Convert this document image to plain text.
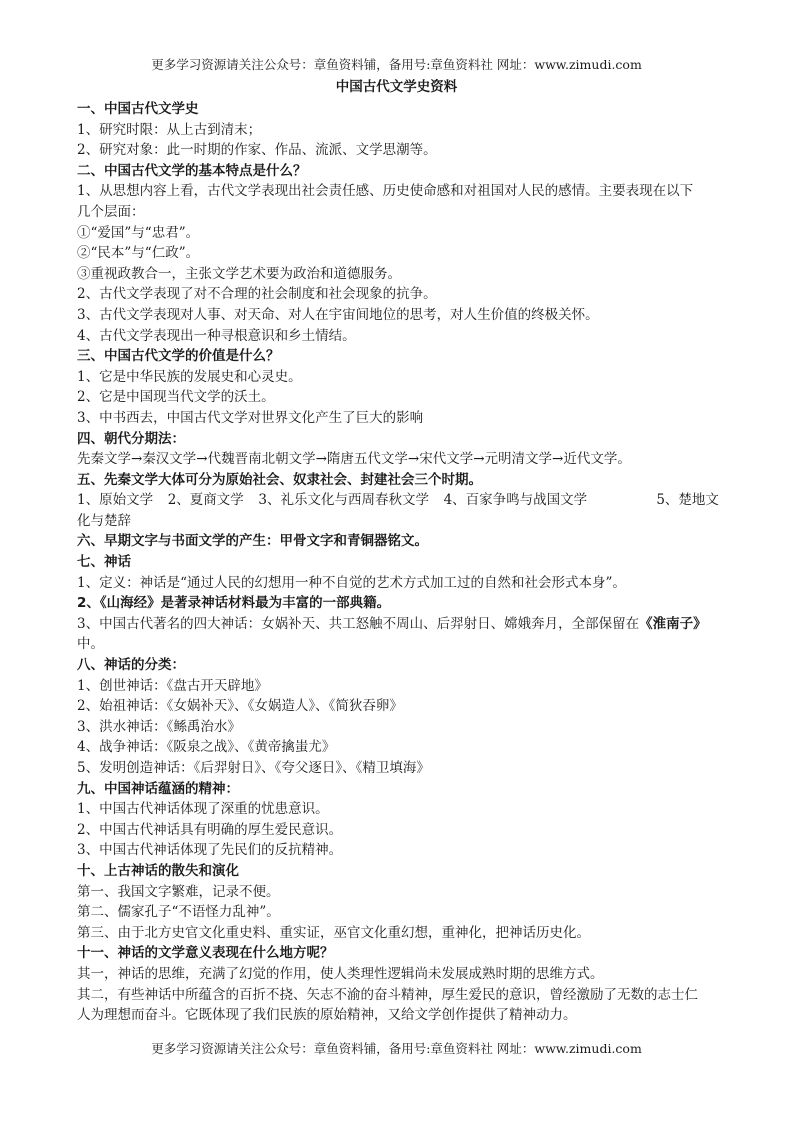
更多学习资源请关注公众号：章鱼资料铺，备用号:章鱼资料社 网址：www.zimudi.com
中国古代文学史资料
一、中国古代文学史
1、研究时限：从上古到清末；
2、研究对象：此一时期的作家、作品、流派、文学思潮等。
二、中国古代文学的基本特点是什么？
1、从思想内容上看，古代文学表现出社会责任感、历史使命感和对祖国对人民的感情。主要表现在以下
几个层面：
①“爱国”与“忠君”。
②“民本”与“仁政”。
③重视政教合一，主张文学艺术要为政治和道德服务。
2、古代文学表现了对不合理的社会制度和社会现象的抗争。
3、古代文学表现对人事、对天命、对人在宇宙间地位的思考，对人生价值的终极关怀。
4、古代文学表现出一种寻根意识和乡土情结。
三、中国古代文学的价值是什么？
1、它是中华民族的发展史和心灵史。
2、它是中国现当代文学的沃土。
3、中书西去，中国古代文学对世界文化产生了巨大的影响
四、朝代分期法：
先秦文学→秦汉文学→代魏晋南北朝文学→隋唐五代文学→宋代文学→元明清文学→近代文学。
五、先秦文学大体可分为原始社会、奴隶社会、封建社会三个时期。
1、原始文学 2、夏商文学 3、礼乐文化与西周春秋文学 4、百家争鸣与战国文学	5、楚地文
化与楚辞
六、早期文字与书面文学的产生：甲骨文字和青铜器铭文。
七、神话
1、定义：神话是“通过人民的幻想用一种不自觉的艺术方式加工过的自然和社会形式本身”。
2、《山海经》是著录神话材料最为丰富的一部典籍。
3、中国古代著名的四大神话：女娲补天、共工怒触不周山、后羿射日、嫦娥奔月，全部保留在《淮南子》
中。
八、神话的分类：
1、创世神话：《盘古开天辟地》
2、始祖神话：《女娲补天》、《女娲造人》、《简狄吞卵》
3、洪水神话：《鲧禹治水》
4、战争神话：《阪泉之战》、《黄帝擒蚩尤》
5、发明创造神话：《后羿射日》、《夸父逐日》、《精卫填海》
九、中国神话蕴涵的精神：
1、中国古代神话体现了深重的忧患意识。
2、中国古代神话具有明确的厚生爱民意识。
3、中国古代神话体现了先民们的反抗精神。
十、上古神话的散失和演化
第一、我国文字繁难，记录不便。
第二、儒家孔子“不语怪力乱神”。
第三、由于北方史官文化重史料、重实证，巫官文化重幻想，重神化，把神话历史化。
十一、神话的文学意义表现在什么地方呢？
其一，神话的思维，充满了幻觉的作用，使人类理性逻辑尚未发展成熟时期的思维方式。
其二，有些神话中所蕴含的百折不挠、矢志不渝的奋斗精神，厚生爱民的意识，曾经激励了无数的志士仁
人为理想而奋斗。它既体现了我们民族的原始精神，又给文学创作提供了精神动力。
更多学习资源请关注公众号：章鱼资料铺，备用号:章鱼资料社 网址：www.zimudi.com
